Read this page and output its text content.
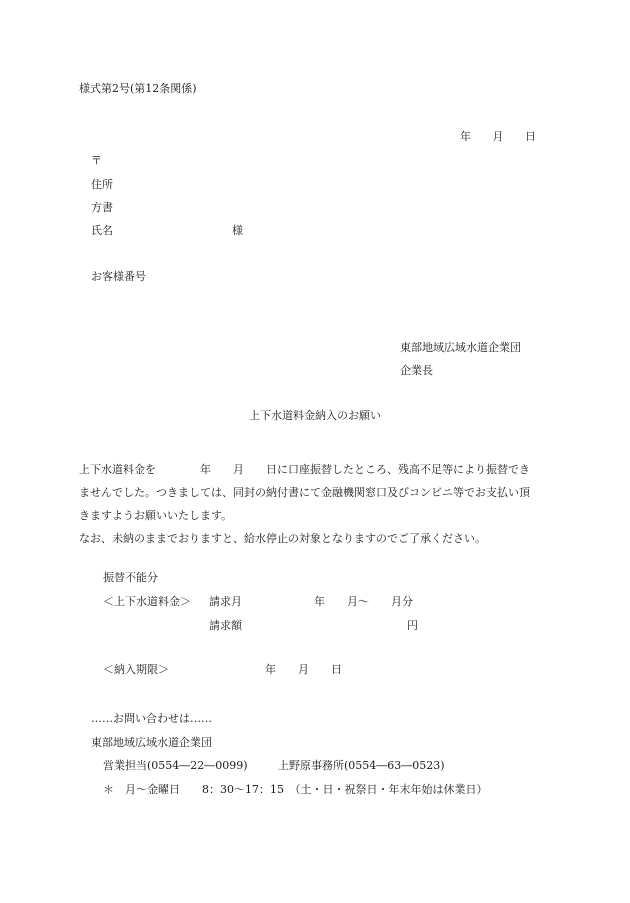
様式第2号(第12条関係)
年 月 日
〒
住所
方書
氏名	様
お客様番号
東部地域広域水道企業団
企業長
上下水道料金納入のお願い

上下水道料金を　　　　年　　月　　日に口座振替したところ、残高不足等により振替できませんでした。つきましては、同封の納付書にて金融機関窓口及びコンビニ等でお支払い頂きますようお願いいたします。

なお、未納のままでおりますと、給水停止の対象となりますのでご了承ください。

振替不能分
＜上下水道料金＞ 請求月	年　　月～　　月分
請求額	円
＜納入期限＞	年　　月　　日
……お問い合わせは……
東部地域広域水道企業団
営業担当(0554―22―0099)	上野原事務所(0554―63―0523)
＊　月～金曜日　　8：30～17：15　（土・日・祝祭日・年末年始は休業日）
